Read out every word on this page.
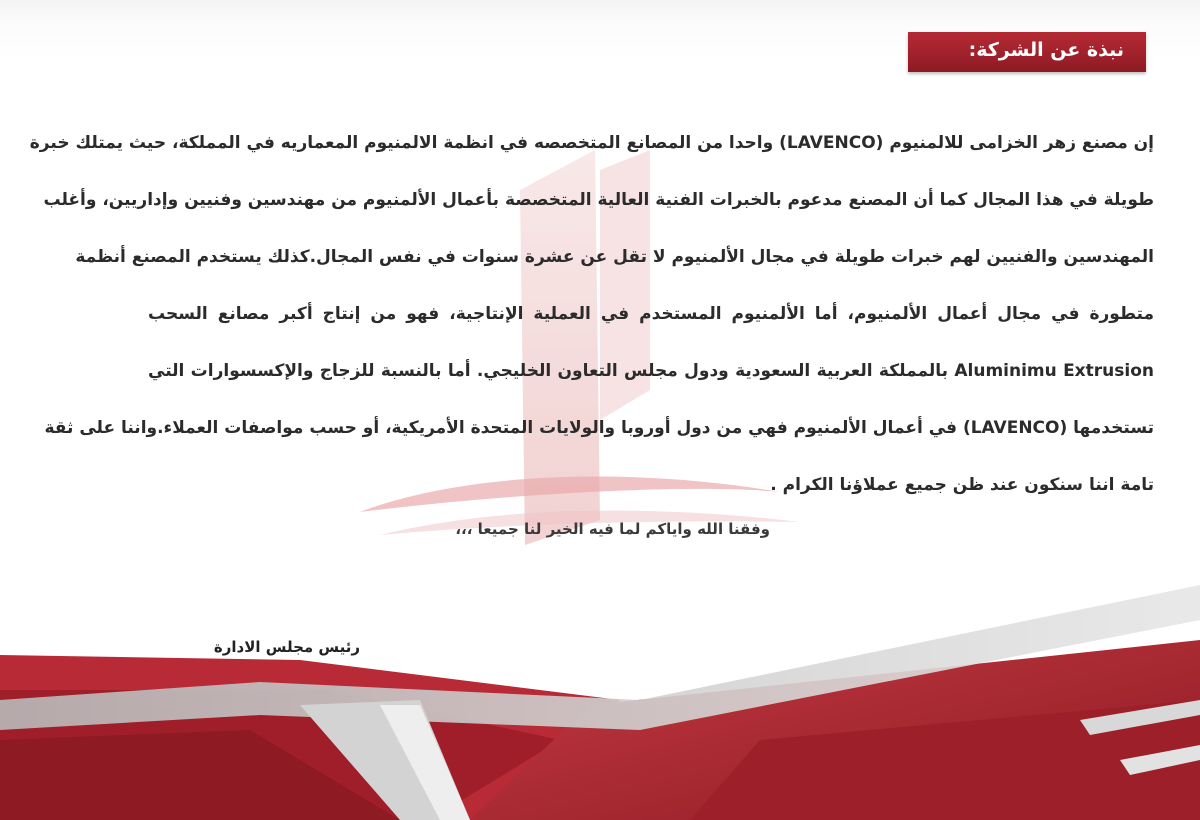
نبذة عن الشركة:
إن مصنع زهر الخزامى للالمنيوم (LAVENCO) واحدا من المصانع المتخصصه في انظمة الالمنيوم المعماريه في المملكة، حيث يمتلك خبرة
طويلة في هذا المجال كما أن المصنع مدعوم بالخبرات الفنية العالية المتخصصة بأعمال الألمنيوم من مهندسين وفنيين وإداريين، وأغلب
المهندسين والفنيين لهم خبرات طويلة في مجال الألمنيوم لا تقل عن عشرة سنوات في نفس المجال.كذلك يستخدم المصنع أنظمة
متطورة في مجال أعمال الألمنيوم، أما الألمنيوم المستخدم في العملية الإنتاجية، فهو من إنتاج أكبر مصانع السحب
Aluminimu Extrusion بالمملكة العربية السعودية ودول مجلس التعاون الخليجي. أما بالنسبة للزجاج والإكسسوارات التي
تستخدمها (LAVENCO) في أعمال الألمنيوم فهي من دول أوروبا والولايات المتحدة الأمريكية، أو حسب مواصفات العملاء.واننا على ثقة
تامة اننا سنكون عند ظن جميع عملاؤنا الكرام .
وفقنا الله واياكم لما فيه الخير لنا جميعا ،،،
رئيس مجلس الادارة
